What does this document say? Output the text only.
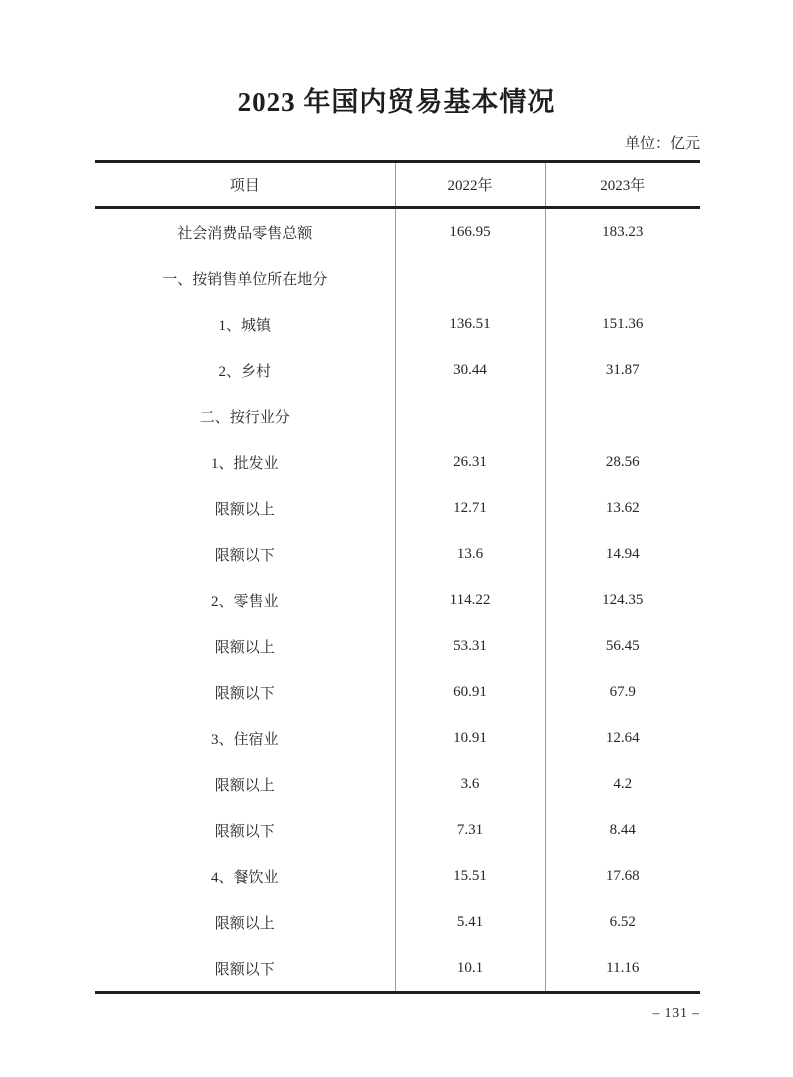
2023 年国内贸易基本情况
单位：亿元
项目	2022年	2023年
社会消费品零售总额	166.95	183.23
一、按销售单位所在地分		
1、城镇	136.51	151.36
2、乡村	30.44	31.87
二、按行业分		
1、批发业	26.31	28.56
限额以上	12.71	13.62
限额以下	13.6	14.94
2、零售业	114.22	124.35
限额以上	53.31	56.45
限额以下	60.91	67.9
3、住宿业	10.91	12.64
限额以上	3.6	4.2
限额以下	7.31	8.44
4、餐饮业	15.51	17.68
限额以上	5.41	6.52
限额以下	10.1	11.16
– 131 –
